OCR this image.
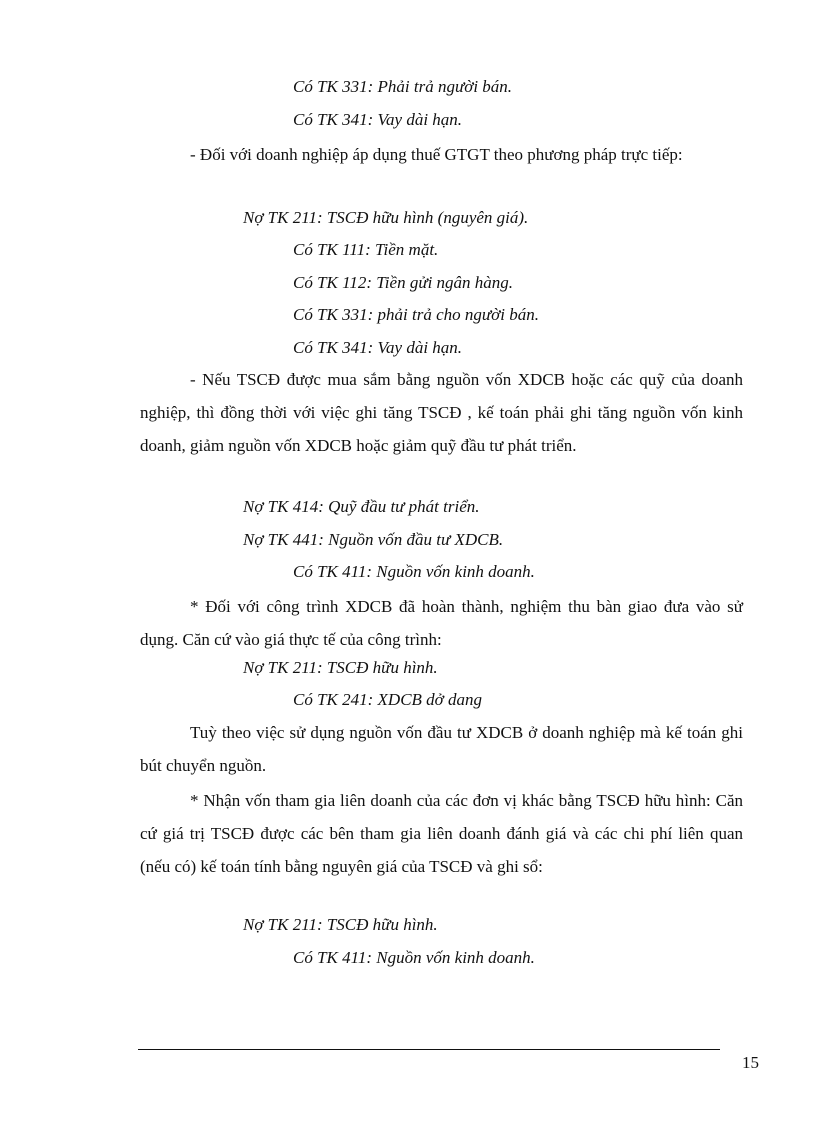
Có TK 331: Phải trả người bán.
Có TK 341: Vay dài hạn.

- Đối với doanh nghiệp áp dụng thuế GTGT theo phương pháp trực tiếp:

Nợ TK 211: TSCĐ hữu hình (nguyên giá).
Có TK 111: Tiền mặt.
Có TK 112: Tiền gửi ngân hàng.
Có TK 331: phải trả cho người bán.
Có TK 341: Vay dài hạn.

- Nếu TSCĐ được mua sắm bằng nguồn vốn XDCB hoặc các quỹ của doanh nghiệp, thì đồng thời với việc ghi tăng TSCĐ , kế toán phải ghi tăng nguồn vốn kinh doanh, giảm nguồn vốn XDCB hoặc giảm quỹ đầu tư phát triển.

Nợ TK 414: Quỹ đầu tư phát triển.
Nợ TK 441: Nguồn vốn đầu tư XDCB.
Có TK 411: Nguồn vốn kinh doanh.

* Đối với công trình XDCB đã hoàn thành, nghiệm thu bàn giao đưa vào sử dụng. Căn cứ vào giá thực tế của công trình:

Nợ TK 211: TSCĐ hữu hình.
Có TK 241: XDCB dở dang

Tuỳ theo việc sử dụng nguồn vốn đầu tư XDCB ở doanh nghiệp mà kế toán ghi bút chuyển nguồn.

* Nhận vốn tham gia liên doanh của các đơn vị khác bằng TSCĐ hữu hình: Căn cứ giá trị TSCĐ được các bên tham gia liên doanh đánh giá và các chi phí liên quan (nếu có) kế toán tính bằng nguyên giá của TSCĐ và ghi sổ:

Nợ TK 211: TSCĐ hữu hình.
Có TK 411: Nguồn vốn kinh doanh.
15
